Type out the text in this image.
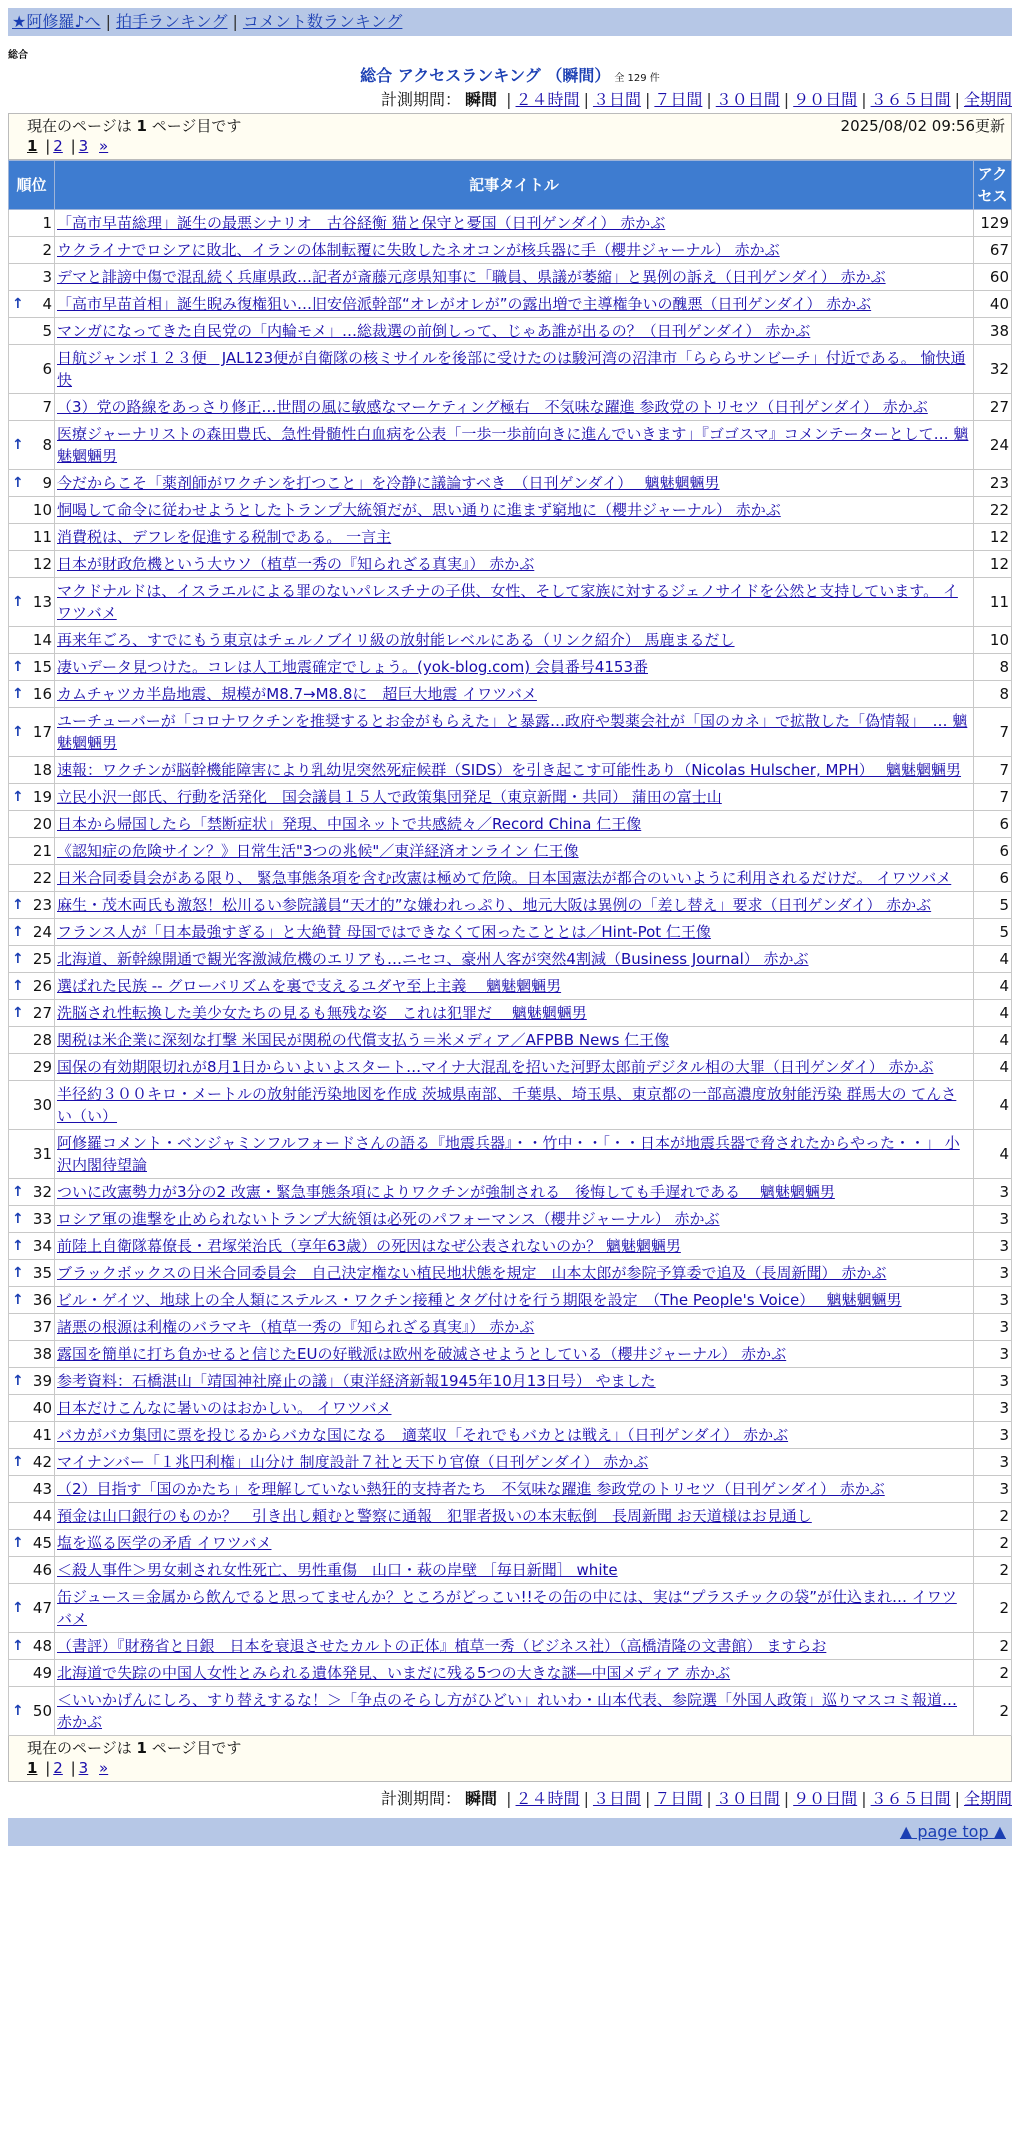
★阿修羅♪へ | 拍手ランキング | コメント数ランキング
総合
総合 アクセスランキング （瞬間） 全 129 件
計測期間： 瞬間 | ２４時間 | ３日間 | ７日間 | ３０日間 | ９０日間 | ３６５日間 | 全期間
現在のページは 1 ページ目です	2025/08/02 09:56更新
1 | 2 | 3 »
順位	記事タイトル	アクセス
1	「高市早苗総理」誕生の最悪シナリオ　古谷経衡 猫と保守と憂国（日刊ゲンダイ） 赤かぶ	129
2	ウクライナでロシアに敗北、イランの体制転覆に失敗したネオコンが核兵器に手（櫻井ジャーナル） 赤かぶ	67
3	デマと誹謗中傷で混乱続く兵庫県政…記者が斎藤元彦県知事に「職員、県議が萎縮」と異例の訴え（日刊ゲンダイ） 赤かぶ	60

↑ 4	「高市早苗首相」誕生睨み復権狙い…旧安倍派幹部“オレがオレが”の露出増で主導権争いの醜悪（日刊ゲンダイ） 赤かぶ	40
5	マンガになってきた自民党の「内輪モメ」…総裁選の前倒しって、じゃあ誰が出るの？（日刊ゲンダイ） 赤かぶ	38
6	日航ジャンボ１２３便　JAL123便が自衛隊の核ミサイルを後部に受けたのは駿河湾の沼津市「らららサンビーチ」付近である。 愉快通快	32
7	（3）党の路線をあっさり修正…世間の風に敏感なマーケティング極右　不気味な躍進 参政党のトリセツ（日刊ゲンダイ） 赤かぶ	27

↑ 8	医療ジャーナリストの森田豊氏、急性骨髄性白血病を公表「一歩一歩前向きに進んでいきます」『ゴゴスマ』コメンテーターとして… 魑魅魍魎男	24

↑ 9	今だからこそ「薬剤師がワクチンを打つこと」を冷静に議論すべき　（日刊ゲンダイ）　 魑魅魍魎男	23
10	恫喝して命令に従わせようとしたトランプ大統領だが、思い通りに進まず窮地に（櫻井ジャーナル） 赤かぶ	22
11	消費税は、デフレを促進する税制である。 一言主	12
12	日本が財政危機という大ウソ（植草一秀の『知られざる真実』） 赤かぶ	12

↑ 13	マクドナルドは、イスラエルによる罪のないパレスチナの子供、女性、そして家族に対するジェノサイドを公然と支持しています。 イワツバメ	11
14	再来年ごろ、すでにもう東京はチェルノブイリ級の放射能レベルにある（リンク紹介） 馬鹿まるだし	10

↑ 15	凄いデータ見つけた。コレは人工地震確定でしょう。(yok-blog.com) 会員番号4153番	8

↑ 16	カムチャツカ半島地震、規模がM8.7→M8.8に　超巨大地震 イワツバメ	8

↑ 17	ユーチューバーが「コロナワクチンを推奨するとお金がもらえた」と暴露…政府や製薬会社が「国のカネ」で拡散した「偽情報」　… 魑魅魍魎男	7
18	速報：ワクチンが脳幹機能障害により乳幼児突然死症候群（SIDS）を引き起こす可能性あり（Nicolas Hulscher, MPH）　 魑魅魍魎男	7

↑ 19	立民小沢一郎氏、行動を活発化　国会議員１５人で政策集団発足（東京新聞・共同） 蒲田の富士山	7
20	日本から帰国したら「禁断症状」発現、中国ネットで共感続々／Record China 仁王像	6
21	《認知症の危険サイン？》日常生活"3つの兆候"／東洋経済オンライン 仁王像	6
22	日米合同委員会がある限り、 緊急事態条項を含む改憲は極めて危険。日本国憲法が都合のいいように利用されるだけだ。 イワツバメ	6

↑ 23	麻生・茂木両氏も激怒！松川るい参院議員“天才的”な嫌われっぷり、地元大阪は異例の「差し替え」要求（日刊ゲンダイ） 赤かぶ	5

↑ 24	フランス人が「日本最強すぎる」と大絶賛 母国ではできなくて困ったこととは／Hint-Pot 仁王像	5

↑ 25	北海道、新幹線開通で観光客激減危機のエリアも…ニセコ、豪州人客が突然4割減（Business Journal） 赤かぶ	4

↑ 26	選ばれた民族 -- グローバリズムを裏で支えるユダヤ至上主義　 魑魅魍魎男	4

↑ 27	洗脳され性転換した美少女たちの見るも無残な姿　これは犯罪だ　 魑魅魍魎男	4
28	関税は米企業に深刻な打撃 米国民が関税の代償支払う＝米メディア／AFPBB News 仁王像	4
29	国保の有効期限切れが8月1日からいよいよスタート…マイナ大混乱を招いた河野太郎前デジタル相の大罪（日刊ゲンダイ） 赤かぶ	4
30	半径約３００キロ・メートルの放射能汚染地図を作成 茨城県南部、千葉県、埼玉県、東京都の一部高濃度放射能汚染 群馬大の てんさい（い）	4
31	阿修羅コメント・ベンジャミンフルフォードさんの語る『地震兵器』・・竹中・・「・・日本が地震兵器で脅されたからやった・・」 小沢内閣待望論	4

↑ 32	ついに改憲勢力が3分の2 改憲・緊急事態条項によりワクチンが強制される　後悔しても手遅れである　 魑魅魍魎男	3

↑ 33	ロシア軍の進撃を止められないトランプ大統領は必死のパフォーマンス（櫻井ジャーナル） 赤かぶ	3

↑ 34	前陸上自衛隊幕僚長・君塚栄治氏（享年63歳）の死因はなぜ公表されないのか？ 魑魅魍魎男	3

↑ 35	ブラックボックスの日米合同委員会　自己決定権ない植民地状態を規定　山本太郎が参院予算委で追及（長周新聞） 赤かぶ	3

↑ 36	ビル・ゲイツ、地球上の全人類にステルス・ワクチン接種とタグ付けを行う期限を設定　（The People's Voice）　 魑魅魍魎男	3
37	諸悪の根源は利権のバラマキ（植草一秀の『知られざる真実』） 赤かぶ	3
38	露国を簡単に打ち負かせると信じたEUの好戦派は欧州を破滅させようとしている（櫻井ジャーナル） 赤かぶ	3

↑ 39	参考資料：石橋湛山「靖国神社廃止の議」（東洋経済新報1945年10月13日号） やました	3
40	日本だけこんなに暑いのはおかしい。 イワツバメ	3
41	バカがバカ集団に票を投じるからバカな国になる　適菜収「それでもバカとは戦え」（日刊ゲンダイ） 赤かぶ	3

↑ 42	マイナンバー「１兆円利権」山分け 制度設計７社と天下り官僚（日刊ゲンダイ） 赤かぶ	3
43	（2）目指す「国のかたち」を理解していない熱狂的支持者たち　不気味な躍進 参政党のトリセツ（日刊ゲンダイ） 赤かぶ	3
44	預金は山口銀行のものか？　引き出し頼むと警察に通報　犯罪者扱いの本末転倒　長周新聞 お天道様はお見通し	2

↑ 45	塩を巡る医学の矛盾 イワツバメ	2
46	＜殺人事件＞男女刺され女性死亡、男性重傷　山口・萩の岸壁 ［毎日新聞］ white	2

↑ 47	缶ジュース＝金属から飲んでると思ってませんか？ところがどっこい!!その缶の中には、実は“プラスチックの袋”が仕込まれ… イワツバメ	2

↑ 48	（書評）『財務省と日銀　日本を衰退させたカルトの正体』植草一秀（ビジネス社）（高橋清隆の文書館） ますらお	2
49	北海道で失踪の中国人女性とみられる遺体発見、いまだに残る5つの大きな謎―中国メディア 赤かぶ	2

↑ 50	＜いいかげんにしろ、すり替えするな！＞「争点のそらし方がひどい」れいわ・山本代表、参院選「外国人政策」巡りマスコミ報道… 赤かぶ	2
現在のページは 1 ページ目です
1 | 2 | 3 »
計測期間： 瞬間 | ２４時間 | ３日間 | ７日間 | ３０日間 | ９０日間 | ３６５日間 | 全期間
▲ page top ▲
